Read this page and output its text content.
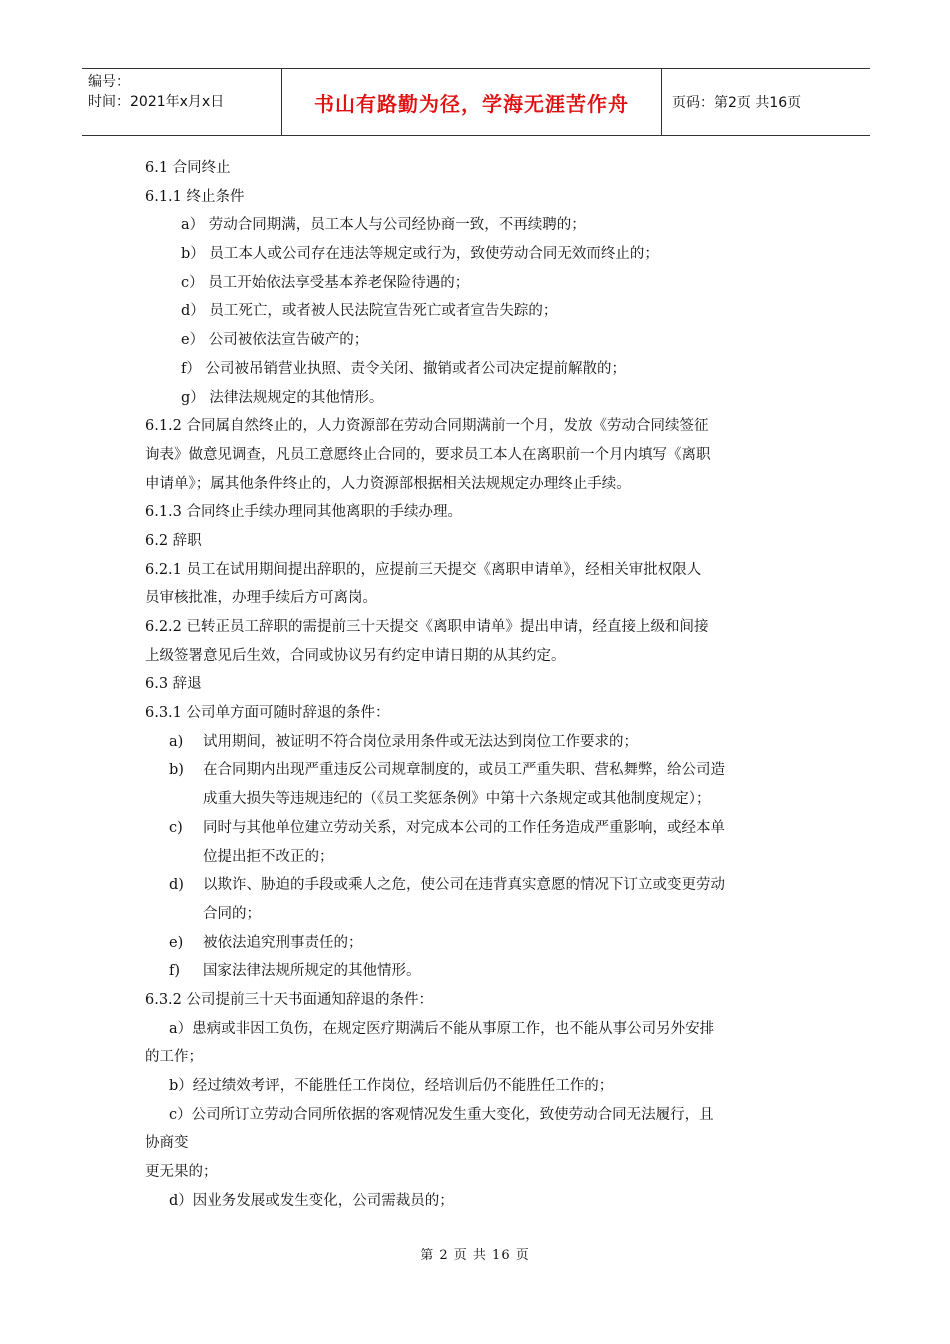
编号：
时间：2021年x月x日	书山有路勤为径，学海无涯苦作舟	页码：第2页 共16页
6.1 合同终止
6.1.1 终止条件
a） 劳动合同期满，员工本人与公司经协商一致，不再续聘的；
b） 员工本人或公司存在违法等规定或行为，致使劳动合同无效而终止的；
c） 员工开始依法享受基本养老保险待遇的；
d） 员工死亡，或者被人民法院宣告死亡或者宣告失踪的；
e） 公司被依法宣告破产的；
f） 公司被吊销营业执照、责令关闭、撤销或者公司决定提前解散的；
g） 法律法规规定的其他情形。
6.1.2 合同属自然终止的，人力资源部在劳动合同期满前一个月，发放《劳动合同续签征
询表》做意见调查，凡员工意愿终止合同的，要求员工本人在离职前一个月内填写《离职
申请单》；属其他条件终止的，人力资源部根据相关法规规定办理终止手续。
6.1.3 合同终止手续办理同其他离职的手续办理。
6.2 辞职
6.2.1 员工在试用期间提出辞职的，应提前三天提交《离职申请单》，经相关审批权限人
员审核批准，办理手续后方可离岗。
6.2.2 已转正员工辞职的需提前三十天提交《离职申请单》提出申请，经直接上级和间接
上级签署意见后生效，合同或协议另有约定申请日期的从其约定。
6.3 辞退
6.3.1 公司单方面可随时辞退的条件：
a)	试用期间，被证明不符合岗位录用条件或无法达到岗位工作要求的；
b)	在合同期内出现严重违反公司规章制度的，或员工严重失职、营私舞弊，给公司造
成重大损失等违规违纪的（《员工奖惩条例》中第十六条规定或其他制度规定）；
c)	同时与其他单位建立劳动关系，对完成本公司的工作任务造成严重影响，或经本单
位提出拒不改正的；
d)	以欺诈、胁迫的手段或乘人之危，使公司在违背真实意愿的情况下订立或变更劳动
合同的；
e)	被依法追究刑事责任的；
f)	国家法律法规所规定的其他情形。
6.3.2 公司提前三十天书面通知辞退的条件：
a）患病或非因工负伤，在规定医疗期满后不能从事原工作，也不能从事公司另外安排
的工作；
b）经过绩效考评，不能胜任工作岗位，经培训后仍不能胜任工作的；
c）公司所订立劳动合同所依据的客观情况发生重大变化，致使劳动合同无法履行，且
协商变
更无果的；
d）因业务发展或发生变化，公司需裁员的；
第 2 页 共 16 页
